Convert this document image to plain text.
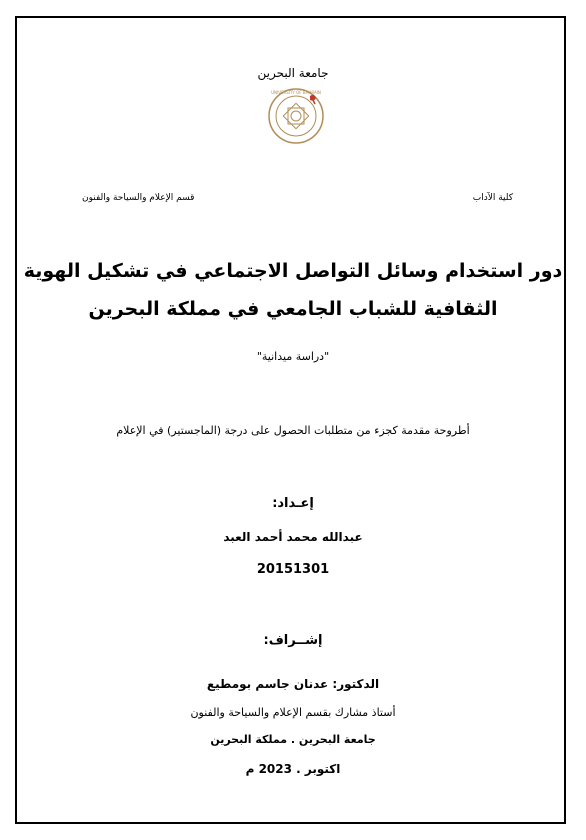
جامعة البحرين
UNIVERSITY OF BAHRAIN
كلية الآداب
قسم الإعلام والسياحة والفنون
دور استخدام وسائل التواصل الاجتماعي في تشكيل الهوية
الثقافية للشباب الجامعي في مملكة البحرين
"دراسة ميدانية"
أطروحة مقدمة كجزء من متطلبات الحصول على درجة (الماجستير) في الإعلام
إعـداد:
عبدالله محمد أحمد العبد
20151301
إشــراف:
الدكتور: عدنان جاسم بومطيع
أستاذ مشارك بقسم الإعلام والسياحة والفنون
جامعة البحرين . مملكة البحرين
اكتوبر . 2023 م
